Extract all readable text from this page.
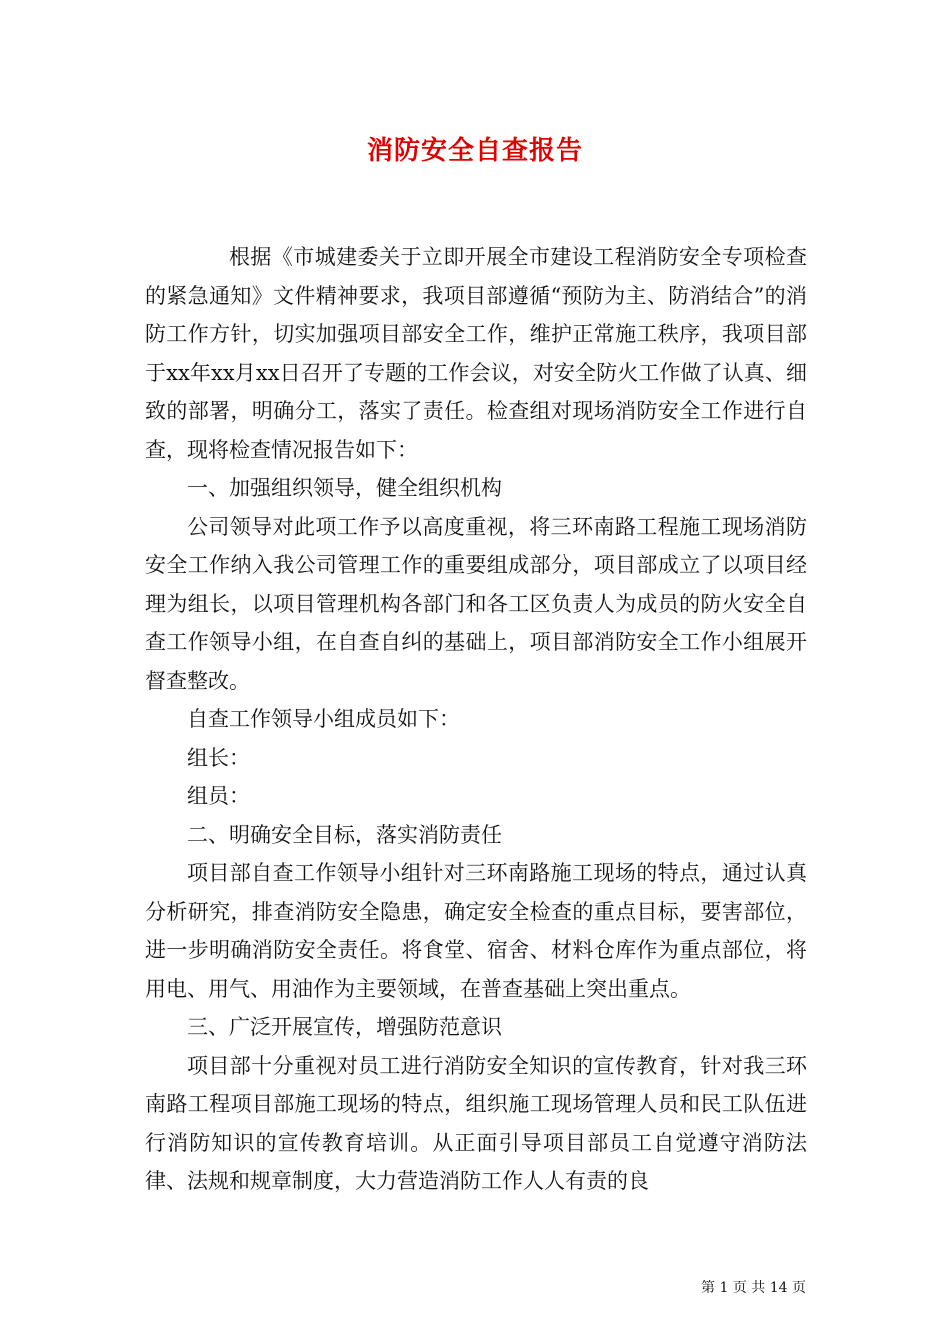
消防安全自查报告

根据《市城建委关于立即开展全市建设工程消防安全专项检查的紧急通知》文件精神要求，我项目部遵循“预防为主、防消结合”的消防工作方针，切实加强项目部安全工作，维护正常施工秩序，我项目部于xx年xx月xx日召开了专题的工作会议，对安全防火工作做了认真、细致的部署，明确分工，落实了责任。检查组对现场消防安全工作进行自查，现将检查情况报告如下：

一、加强组织领导，健全组织机构

公司领导对此项工作予以高度重视，将三环南路工程施工现场消防安全工作纳入我公司管理工作的重要组成部分，项目部成立了以项目经理为组长，以项目管理机构各部门和各工区负责人为成员的防火安全自查工作领导小组，在自查自纠的基础上，项目部消防安全工作小组展开督查整改。

自查工作领导小组成员如下：

组长：

组员：

二、明确安全目标，落实消防责任

项目部自查工作领导小组针对三环南路施工现场的特点，通过认真分析研究，排查消防安全隐患，确定安全检查的重点目标，要害部位，进一步明确消防安全责任。将食堂、宿舍、材料仓库作为重点部位，将用电、用气、用油作为主要领域，在普查基础上突出重点。

三、广泛开展宣传，增强防范意识

项目部十分重视对员工进行消防安全知识的宣传教育，针对我三环南路工程项目部施工现场的特点，组织施工现场管理人员和民工队伍进行消防知识的宣传教育培训。从正面引导项目部员工自觉遵守消防法律、法规和规章制度，大力营造消防工作人人有责的良

第 1 页 共 14 页
